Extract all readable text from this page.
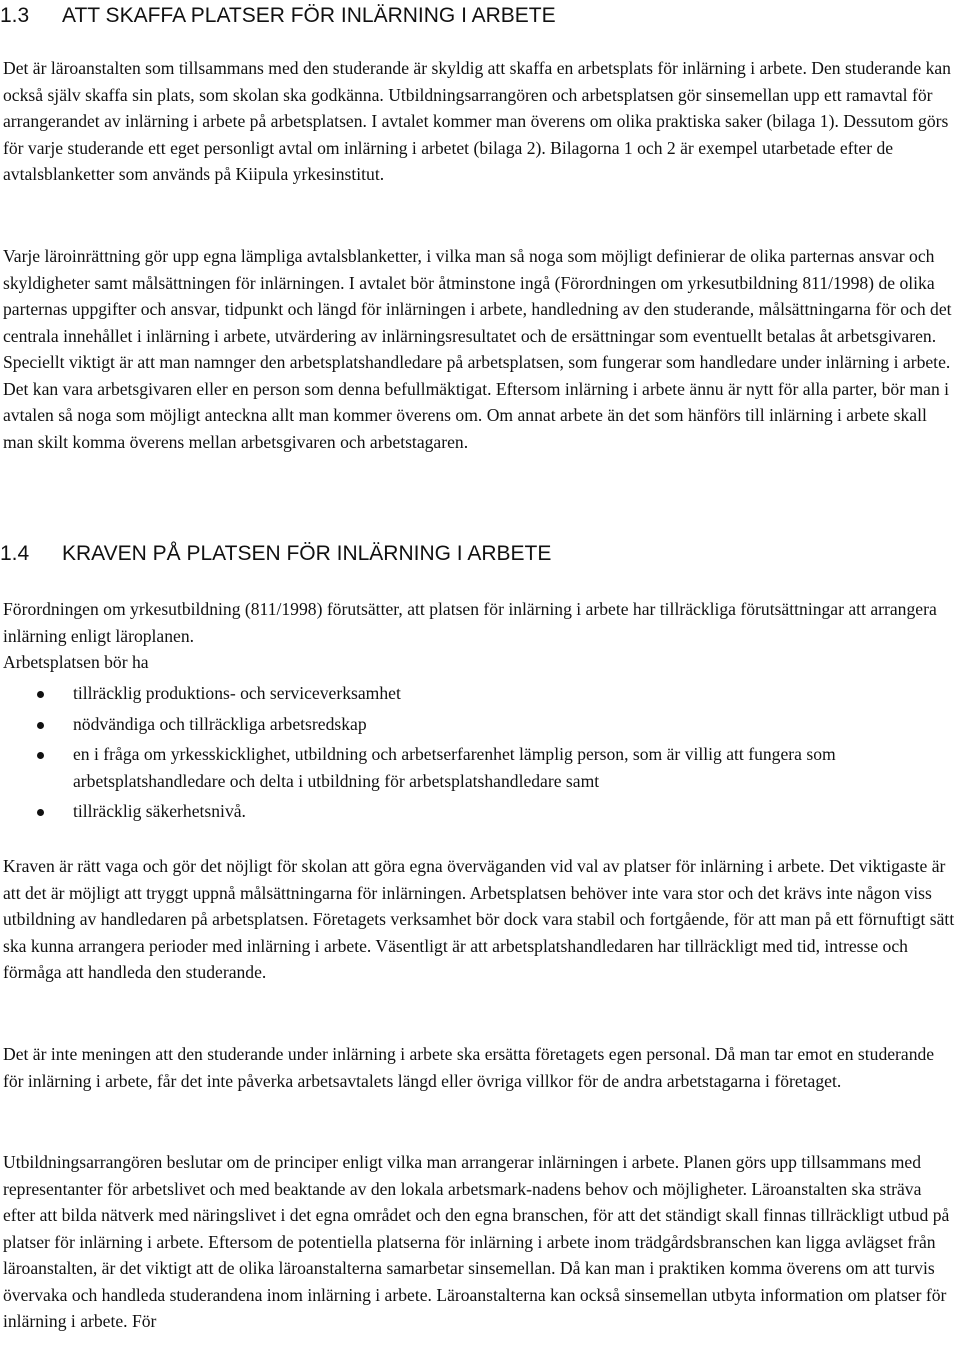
1.3 ATT SKAFFA PLATSER FÖR INLÄRNING I ARBETE

Det är läroanstalten som tillsammans med den studerande är skyldig att skaffa en arbetsplats för inlärning i arbete. Den studerande kan också själv skaffa sin plats, som skolan ska godkänna. Utbildningsarrangören och arbetsplatsen gör sinsemellan upp ett ramavtal för arrangerandet av inlärning i arbete på arbetsplatsen. I avtalet kommer man överens om olika praktiska saker (bilaga 1). Dessutom görs för varje studerande ett eget personligt avtal om inlärning i arbetet (bilaga 2). Bilagorna 1 och 2 är exempel utarbetade efter de avtalsblanketter som används på Kiipula yrkesinstitut.

Varje läroinrättning gör upp egna lämpliga avtalsblanketter, i vilka man så noga som möjligt definierar de olika parternas ansvar och skyldigheter samt målsättningen för inlärningen. I avtalet bör åtminstone ingå (Förordningen om yrkesutbildning 811/1998) de olika parternas uppgifter och ansvar, tidpunkt och längd för inlärningen i arbete, handledning av den studerande, målsättningarna för och det centrala innehållet i inlärning i arbete, utvärdering av inlärningsresultatet och de ersättningar som eventuellt betalas åt arbetsgivaren. Speciellt viktigt är att man namnger den arbetsplatshandledare på arbetsplatsen, som fungerar som handledare under inlärning i arbete. Det kan vara arbetsgivaren eller en person som denna befullmäktigat. Eftersom inlärning i arbete ännu är nytt för alla parter, bör man i avtalen så noga som möjligt anteckna allt man kommer överens om. Om annat arbete än det som hänförs till inlärning i arbete skall man skilt komma överens mellan arbetsgivaren och arbetstagaren.

1.4 KRAVEN PÅ PLATSEN FÖR INLÄRNING I ARBETE

Förordningen om yrkesutbildning (811/1998) förutsätter, att platsen för inlärning i arbete har tillräckliga förutsättningar att arrangera inlärning enligt läroplanen.

Arbetsplatsen bör ha

tillräcklig produktions- och serviceverksamhet
nödvändiga och tillräckliga arbetsredskap
en i fråga om yrkesskicklighet, utbildning och arbetserfarenhet lämplig person, som är villig att fungera som arbetsplatshandledare och delta i utbildning för arbetsplatshandledare samt
tillräcklig säkerhetsnivå.

Kraven är rätt vaga och gör det nöjligt för skolan att göra egna överväganden vid val av platser för inlärning i arbete. Det viktigaste är att det är möjligt att tryggt uppnå målsättningarna för inlärningen. Arbetsplatsen behöver inte vara stor och det krävs inte någon viss utbildning av handledaren på arbetsplatsen. Företagets verksamhet bör dock vara stabil och fortgående, för att man på ett förnuftigt sätt ska kunna arrangera perioder med inlärning i arbete. Väsentligt är att arbetsplatshandledaren har tillräckligt med tid, intresse och förmåga att handleda den studerande.

Det är inte meningen att den studerande under inlärning i arbete ska ersätta företagets egen personal. Då man tar emot en studerande för inlärning i arbete, får det inte påverka arbetsavtalets längd eller övriga villkor för de andra arbetstagarna i företaget.

Utbildningsarrangören beslutar om de principer enligt vilka man arrangerar inlärningen i arbete. Planen görs upp tillsammans med representanter för arbetslivet och med beaktande av den lokala arbetsmark-nadens behov och möjligheter. Läroanstalten ska sträva efter att bilda nätverk med näringslivet i det egna området och den egna branschen, för att det ständigt skall finnas tillräckligt utbud på platser för inlärning i arbete. Eftersom de potentiella platserna för inlärning i arbete inom trädgårdsbranschen kan ligga avlägset från läroanstalten, är det viktigt att de olika läroanstalterna samarbetar sinsemellan. Då kan man i praktiken komma överens om att turvis övervaka och handleda studerandena inom inlärning i arbete. Läroanstalterna kan också sinsemellan utbyta information om platser för inlärning i arbete. För
